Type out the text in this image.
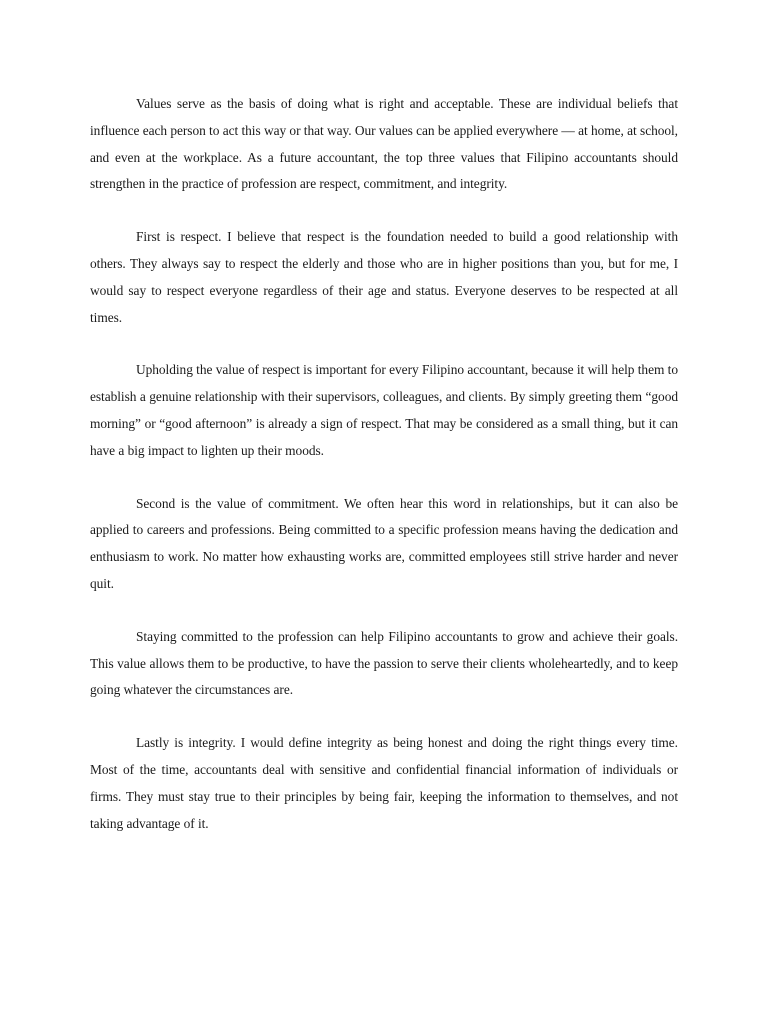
Values serve as the basis of doing what is right and acceptable. These are individual beliefs that influence each person to act this way or that way. Our values can be applied everywhere — at home, at school, and even at the workplace. As a future accountant, the top three values that Filipino accountants should strengthen in the practice of profession are respect, commitment, and integrity.

First is respect. I believe that respect is the foundation needed to build a good relationship with others. They always say to respect the elderly and those who are in higher positions than you, but for me, I would say to respect everyone regardless of their age and status. Everyone deserves to be respected at all times.

Upholding the value of respect is important for every Filipino accountant, because it will help them to establish a genuine relationship with their supervisors, colleagues, and clients. By simply greeting them “good morning” or “good afternoon” is already a sign of respect. That may be considered as a small thing, but it can have a big impact to lighten up their moods.

Second is the value of commitment. We often hear this word in relationships, but it can also be applied to careers and professions. Being committed to a specific profession means having the dedication and enthusiasm to work. No matter how exhausting works are, committed employees still strive harder and never quit.

Staying committed to the profession can help Filipino accountants to grow and achieve their goals. This value allows them to be productive, to have the passion to serve their clients wholeheartedly, and to keep going whatever the circumstances are.

Lastly is integrity. I would define integrity as being honest and doing the right things every time. Most of the time, accountants deal with sensitive and confidential financial information of individuals or firms. They must stay true to their principles by being fair, keeping the information to themselves, and not taking advantage of it.
